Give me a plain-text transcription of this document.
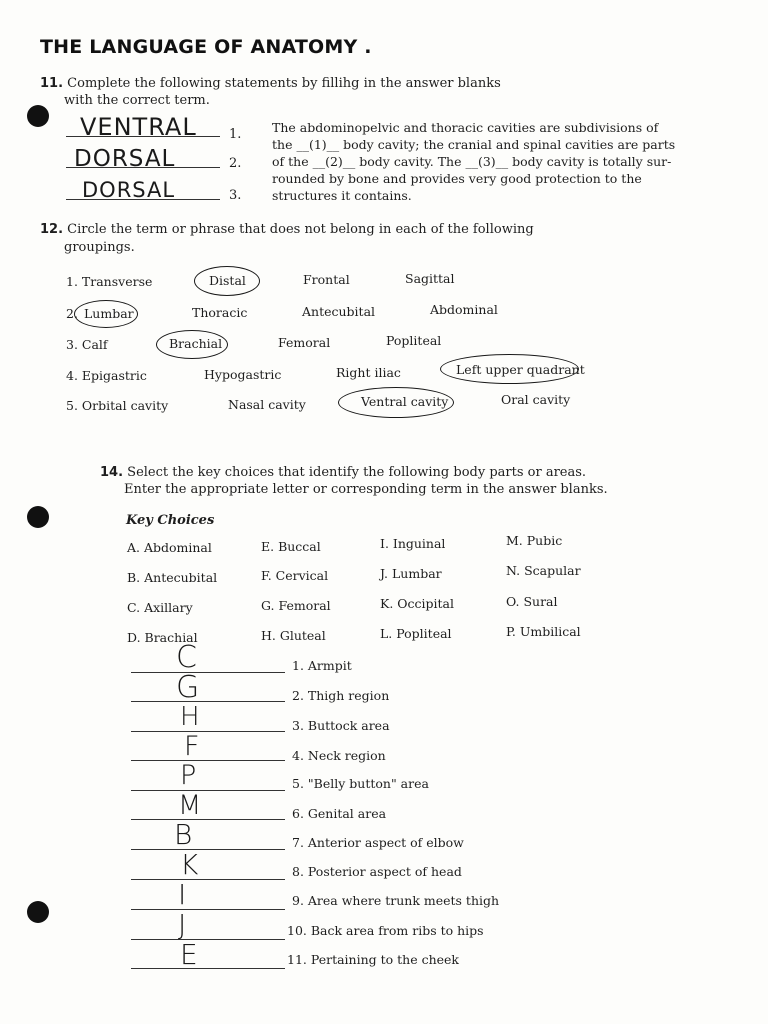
THE LANGUAGE OF ANATOMY .
11. Complete the following statements by fillihg in the answer blanks
with the correct term.
VENTRAL 1.
DORSAL	2.
DORSAL	3.
The abdominopelvic and thoracic cavities are subdivisions of
the __(1)__ body cavity; the cranial and spinal cavities are parts
of the __(2)__ body cavity. The __(3)__ body cavity is totally sur-
rounded by bone and provides very good protection to the
structures it contains.
12. Circle the term or phrase that does not belong in each of the following
groupings.
1. Transverse	Distal	Frontal	Sagittal
2. Lumbar	Thoracic	Antecubital	Abdominal
3. Calf	Brachial	Femoral	Popliteal
4. Epigastric	Hypogastric	Right iliac	Left upper quadrant
5. Orbital cavity	Nasal cavity	Ventral cavity	Oral cavity
14. Select the key choices that identify the following body parts or areas.
Enter the appropriate letter or corresponding term in the answer blanks.
Key Choices
A. Abdominal	E. Buccal	I. Inguinal	M. Pubic
B. Antecubital	F. Cervical	J. Lumbar	N. Scapular
C. Axillary	G. Femoral	K. Occipital	O. Sural
D. Brachial	H. Gluteal	L. Popliteal	P. Umbilical
C	1. Armpit
G	2. Thigh region
H	3. Buttock area
F	4. Neck region
P	5. "Belly button" area
M	6. Genital area
B	7. Anterior aspect of elbow
K	8. Posterior aspect of head
I	9. Area where trunk meets thigh
J	10. Back area from ribs to hips
E	11. Pertaining to the cheek
